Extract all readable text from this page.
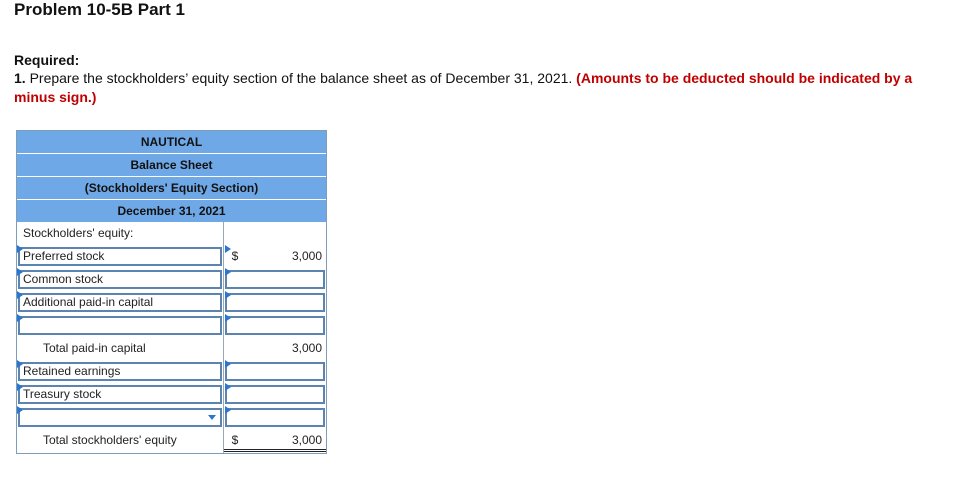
Problem 10-5B Part 1
Required:
1. Prepare the stockholders’ equity section of the balance sheet as of December 31, 2021. (Amounts to be deducted should be indicated by a minus sign.)
NAUTICAL
Balance Sheet
(Stockholders' Equity Section)
December 31, 2021
Stockholders' equity:
Preferred stock	$	3,000
Common stock
Additional paid-in capital
Total paid-in capital	3,000
Retained earnings
Treasury stock
Total stockholders' equity	$	3,000
